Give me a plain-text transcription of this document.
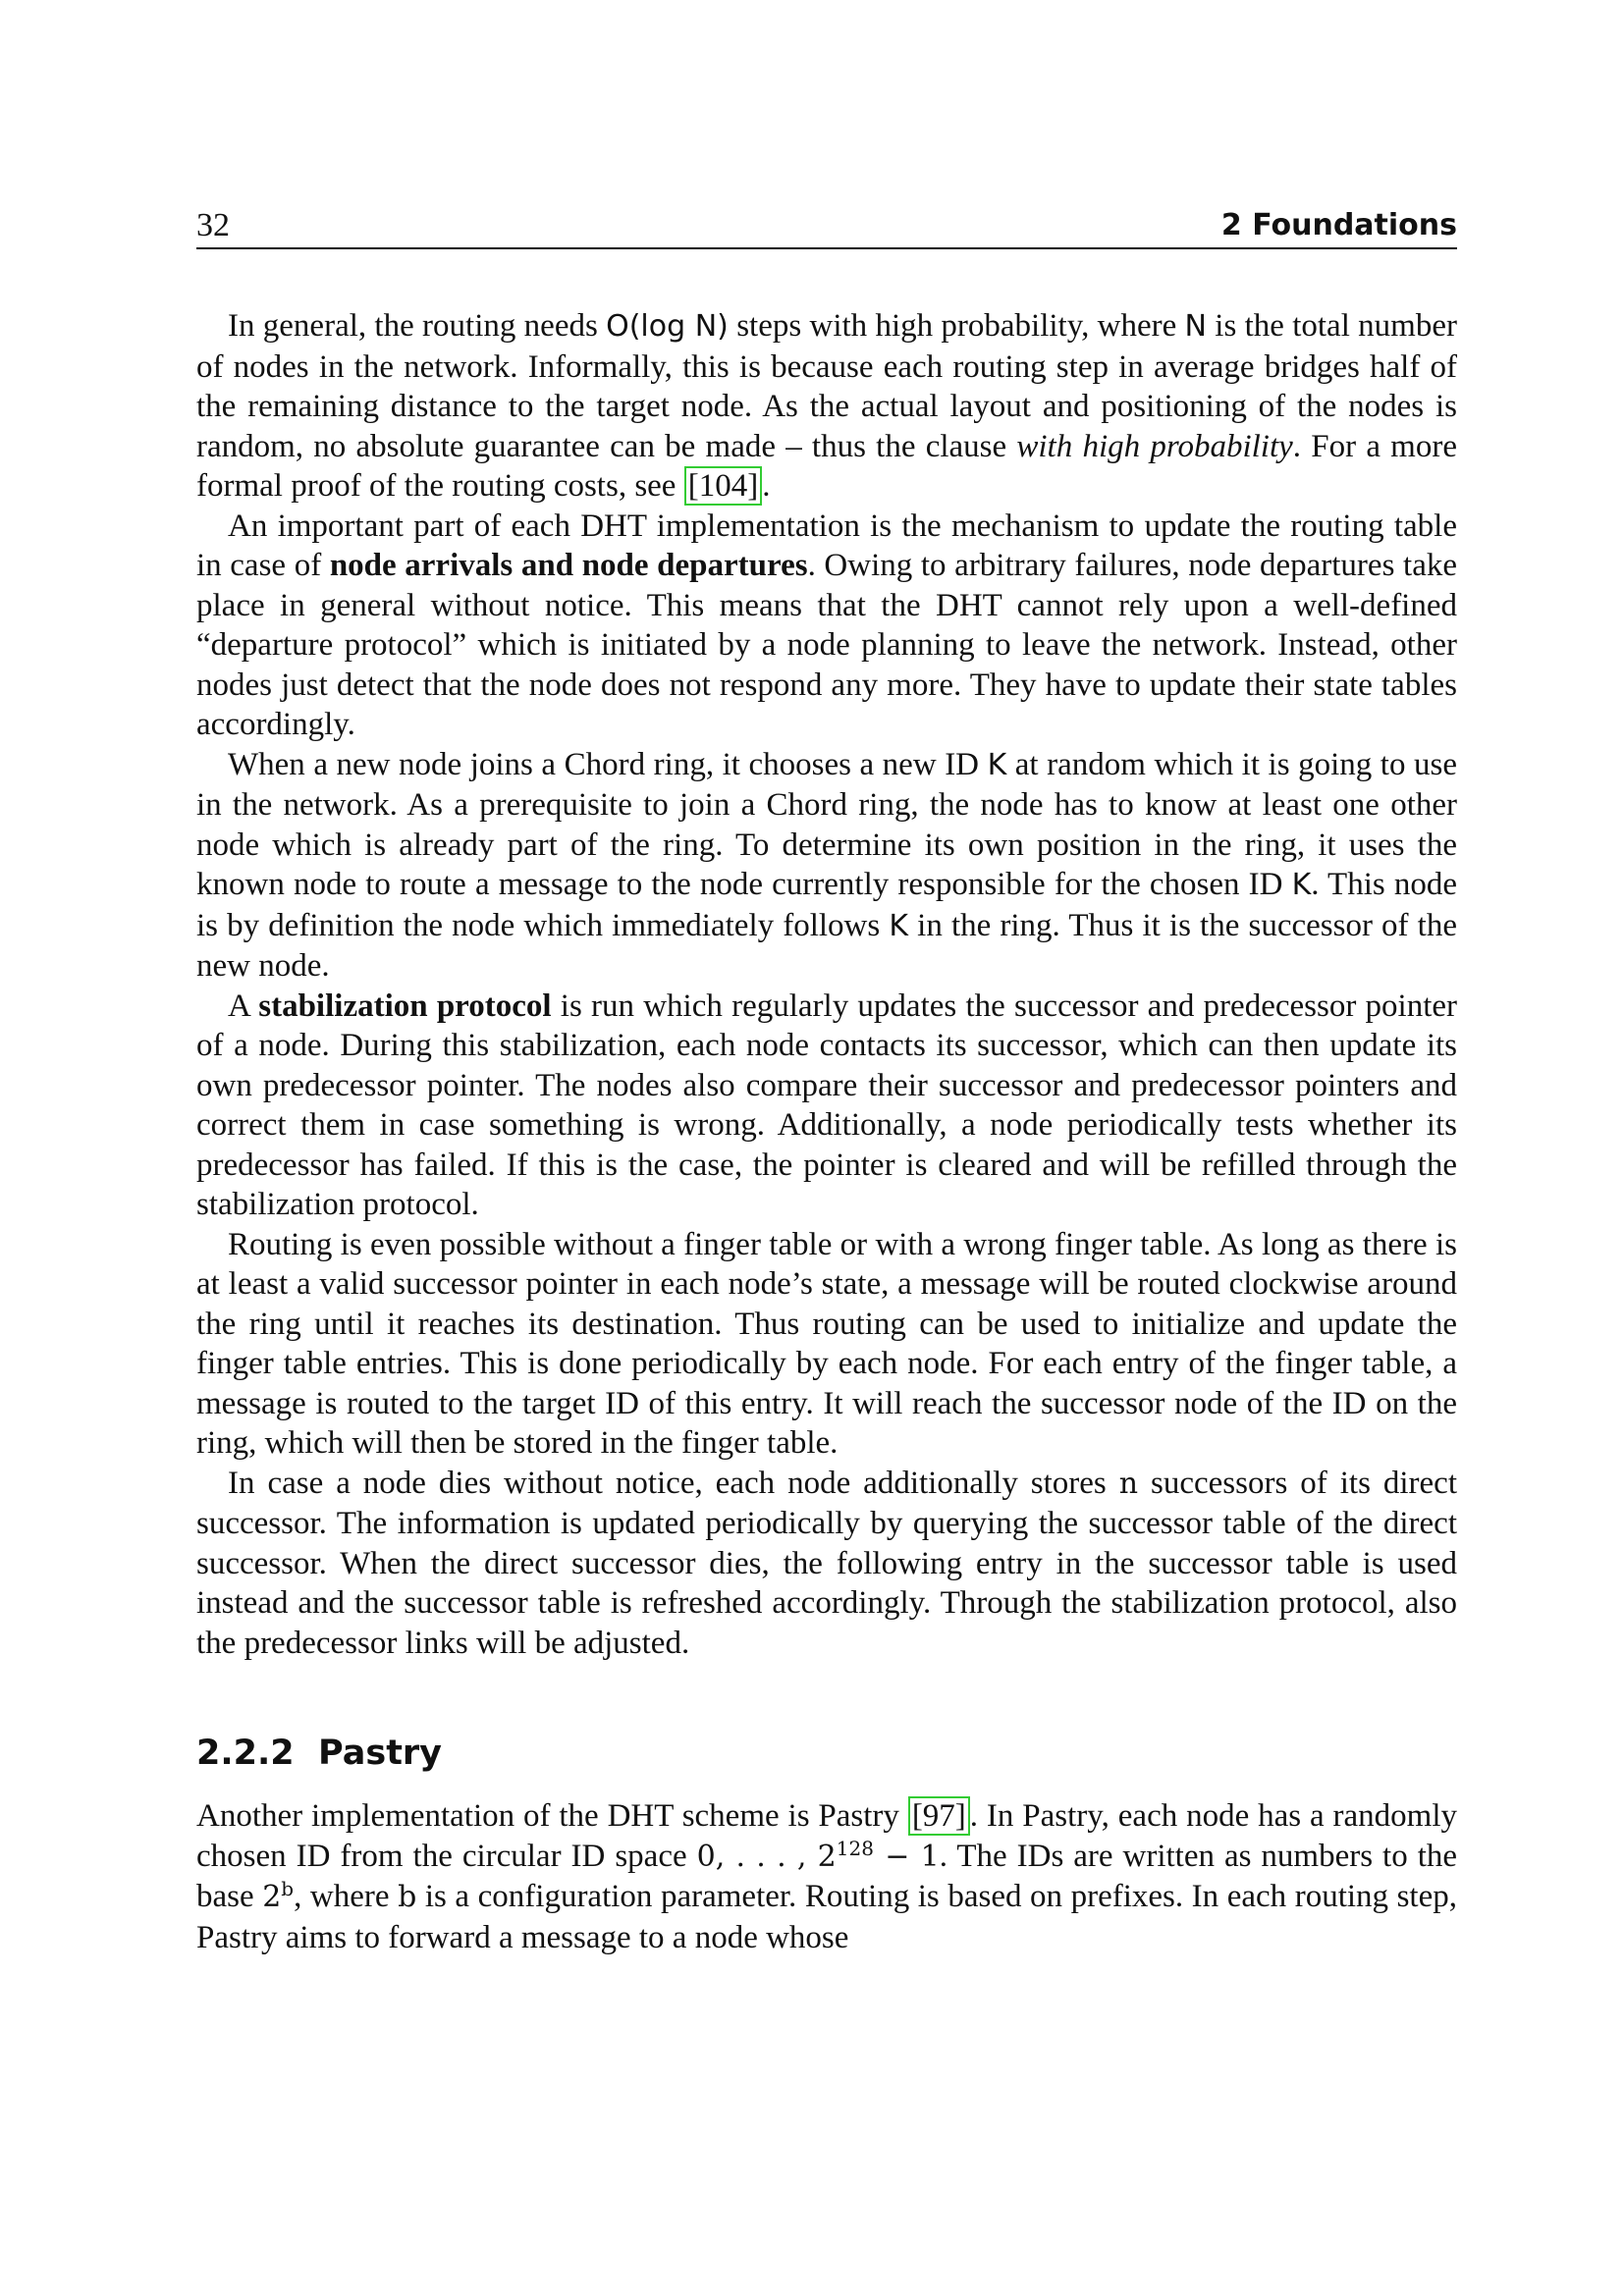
32	2 Foundations

In general, the routing needs O(log N) steps with high probability, where N is the total number of nodes in the network. Informally, this is because each routing step in average bridges half of the remaining distance to the target node. As the actual layout and positioning of the nodes is random, no absolute guarantee can be made – thus the clause with high probability. For a more formal proof of the routing costs, see [104] .

An important part of each DHT implementation is the mechanism to update the routing table in case of node arrivals and node departures. Owing to arbitrary failures, node departures take place in general without notice. This means that the DHT cannot rely upon a well-defined “departure protocol” which is initiated by a node planning to leave the network. Instead, other nodes just detect that the node does not respond any more. They have to update their state tables accordingly.

When a new node joins a Chord ring, it chooses a new ID K at random which it is going to use in the network. As a prerequisite to join a Chord ring, the node has to know at least one other node which is already part of the ring. To determine its own position in the ring, it uses the known node to route a message to the node currently responsible for the chosen ID K. This node is by definition the node which immediately follows K in the ring. Thus it is the successor of the new node.

A stabilization protocol is run which regularly updates the successor and predecessor pointer of a node. During this stabilization, each node contacts its successor, which can then update its own predecessor pointer. The nodes also compare their successor and predecessor pointers and correct them in case something is wrong. Additionally, a node periodically tests whether its predecessor has failed. If this is the case, the pointer is cleared and will be refilled through the stabilization protocol.

Routing is even possible without a finger table or with a wrong finger table. As long as there is at least a valid successor pointer in each node’s state, a message will be routed clockwise around the ring until it reaches its destination. Thus routing can be used to initialize and update the finger table entries. This is done periodically by each node. For each entry of the finger table, a message is routed to the target ID of this entry. It will reach the successor node of the ID on the ring, which will then be stored in the finger table.

In case a node dies without notice, each node additionally stores n successors of its direct successor. The information is updated periodically by querying the successor table of the direct successor. When the direct successor dies, the following entry in the successor table is used instead and the successor table is refreshed accordingly. Through the stabilization protocol, also the predecessor links will be adjusted.

2.2.2 Pastry

Another implementation of the DHT scheme is Pastry [97] . In Pastry, each node has a randomly chosen ID from the circular ID space 0, . . . , $2^{128} - 1$. The IDs are written as numbers to the base 2$^b$, where b is a configuration parameter. Routing is based on prefixes. In each routing step, Pastry aims to forward a message to a node whose
